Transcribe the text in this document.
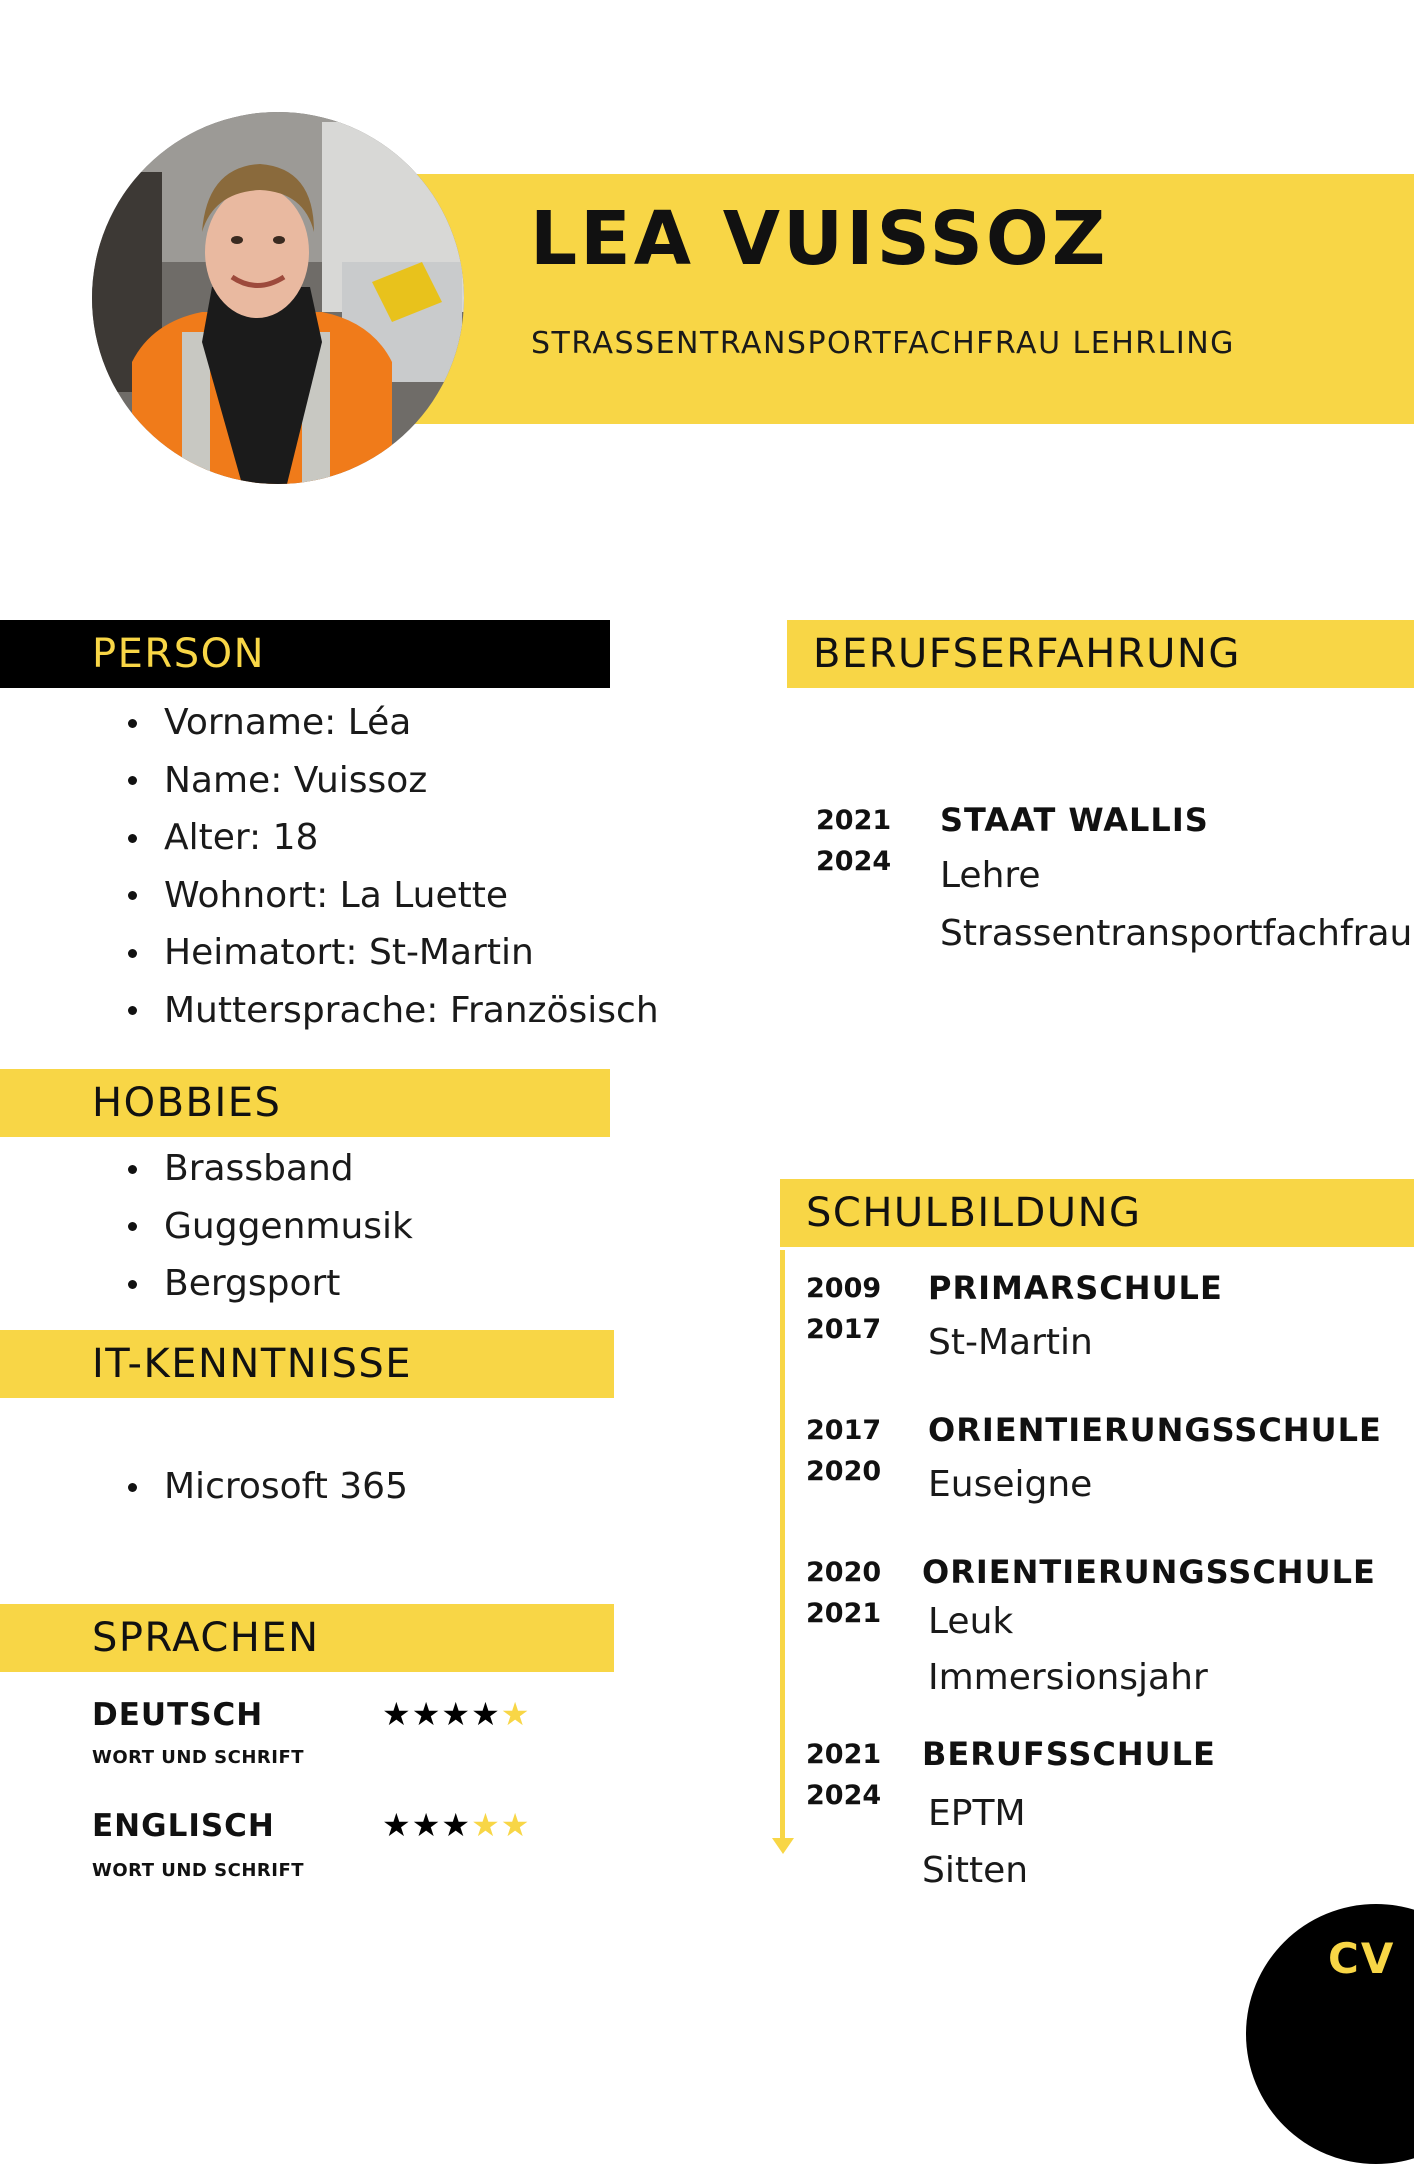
LEA VUISSOZ
STRASSENTRANSPORTFACHFRAU LEHRLING
PERSON
Vorname: Léa
Name: Vuissoz
Alter: 18
Wohnort: La Luette
Heimatort: St-Martin
Muttersprache: Französisch
HOBBIES
Brassband
Guggenmusik
Bergsport
IT-KENNTNISSE
Microsoft 365
SPRACHEN
DEUTSCH
WORT UND SCHRIFT
★★★★★
ENGLISCH
WORT UND SCHRIFT
★★★★★
BERUFSERFAHRUNG
2021
2024
STAAT WALLIS
Lehre
Strassentransportfachfrau
SCHULBILDUNG
2009
2017
PRIMARSCHULE
St-Martin
2017
2020
ORIENTIERUNGSSCHULE
Euseigne
2020
2021
ORIENTIERUNGSSCHULE
Leuk
Immersionsjahr
2021
2024
BERUFSSCHULE
EPTM
Sitten
CV
